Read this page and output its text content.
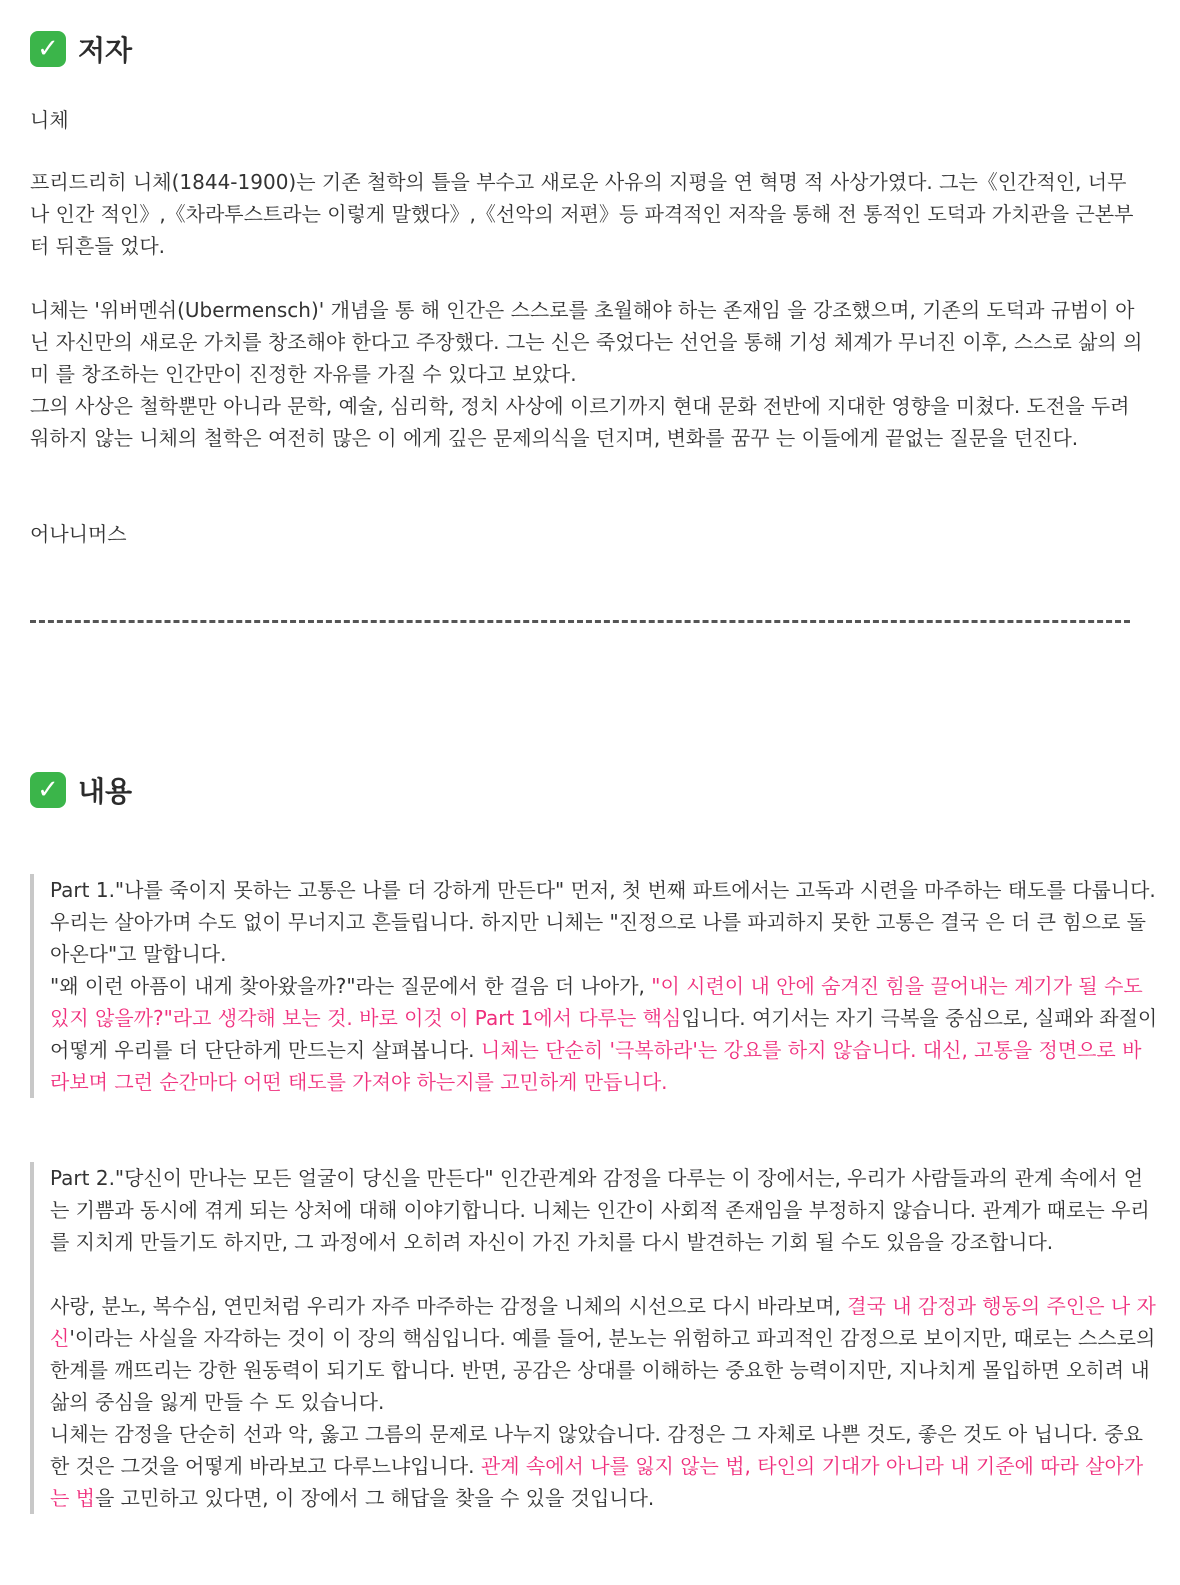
✓ 저자

니체

프리드리히 니체(1844-1900)는 기존 철학의 틀을 부수고 새로운 사유의 지평을 연 혁명 적 사상가였다. 그는《인간적인, 너무나 인간 적인》,《차라투스트라는 이렇게 말했다》,《선악의 저편》등 파격적인 저작을 통해 전 통적인 도덕과 가치관을 근본부터 뒤흔들 었다.

니체는 '위버멘쉬(Ubermensch)' 개념을 통 해 인간은 스스로를 초월해야 하는 존재임 을 강조했으며, 기존의 도덕과 규범이 아닌 자신만의 새로운 가치를 창조해야 한다고 주장했다. 그는 신은 죽었다는 선언을 통해 기성 체계가 무너진 이후, 스스로 삶의 의미 를 창조하는 인간만이 진정한 자유를 가질 수 있다고 보았다.

그의 사상은 철학뿐만 아니라 문학, 예술, 심리학, 정치 사상에 이르기까지 현대 문화 전반에 지대한 영향을 미쳤다. 도전을 두려 워하지 않는 니체의 철학은 여전히 많은 이 에게 깊은 문제의식을 던지며, 변화를 꿈꾸 는 이들에게 끝없는 질문을 던진다.

어나니머스

✓ 내용

Part 1."나를 죽이지 못하는 고통은 나를 더 강하게 만든다" 먼저, 첫 번째 파트에서는 고독과 시련을 마주하는 태도를 다룹니다. 우리는 살아가며 수도 없이 무너지고 흔들립니다. 하지만 니체는 "진정으로 나를 파괴하지 못한 고통은 결국 은 더 큰 힘으로 돌아온다"고 말합니다.

"왜 이런 아픔이 내게 찾아왔을까?"라는 질문에서 한 걸음 더 나아가, "이 시련이 내 안에 숨겨진 힘을 끌어내는 계기가 될 수도 있지 않을까?"라고 생각해 보는 것. 바로 이것 이 Part 1에서 다루는 핵심입니다. 여기서는 자기 극복을 중심으로, 실패와 좌절이 어떻게 우리를 더 단단하게 만드는지 살펴봅니다. 니체는 단순히 '극복하라'는 강요를 하지 않습니다. 대신, 고통을 정면으로 바라보며 그런 순간마다 어떤 태도를 가져야 하는지를 고민하게 만듭니다.

Part 2."당신이 만나는 모든 얼굴이 당신을 만든다" 인간관계와 감정을 다루는 이 장에서는, 우리가 사람들과의 관계 속에서 얻는 기쁨과 동시에 겪게 되는 상처에 대해 이야기합니다. 니체는 인간이 사회적 존재임을 부정하지 않습니다. 관계가 때로는 우리를 지치게 만들기도 하지만, 그 과정에서 오히려 자신이 가진 가치를 다시 발견하는 기회 될 수도 있음을 강조합니다.

사랑, 분노, 복수심, 연민처럼 우리가 자주 마주하는 감정을 니체의 시선으로 다시 바라보며, 결국 내 감정과 행동의 주인은 나 자신'이라는 사실을 자각하는 것이 이 장의 핵심입니다. 예를 들어, 분노는 위험하고 파괴적인 감정으로 보이지만, 때로는 스스로의 한계를 깨뜨리는 강한 원동력이 되기도 합니다. 반면, 공감은 상대를 이해하는 중요한 능력이지만, 지나치게 몰입하면 오히려 내 삶의 중심을 잃게 만들 수 도 있습니다.

니체는 감정을 단순히 선과 악, 옳고 그름의 문제로 나누지 않았습니다. 감정은 그 자체로 나쁜 것도, 좋은 것도 아 닙니다. 중요한 것은 그것을 어떻게 바라보고 다루느냐입니다. 관계 속에서 나를 잃지 않는 법, 타인의 기대가 아니라 내 기준에 따라 살아가는 법을 고민하고 있다면, 이 장에서 그 해답을 찾을 수 있을 것입니다.
